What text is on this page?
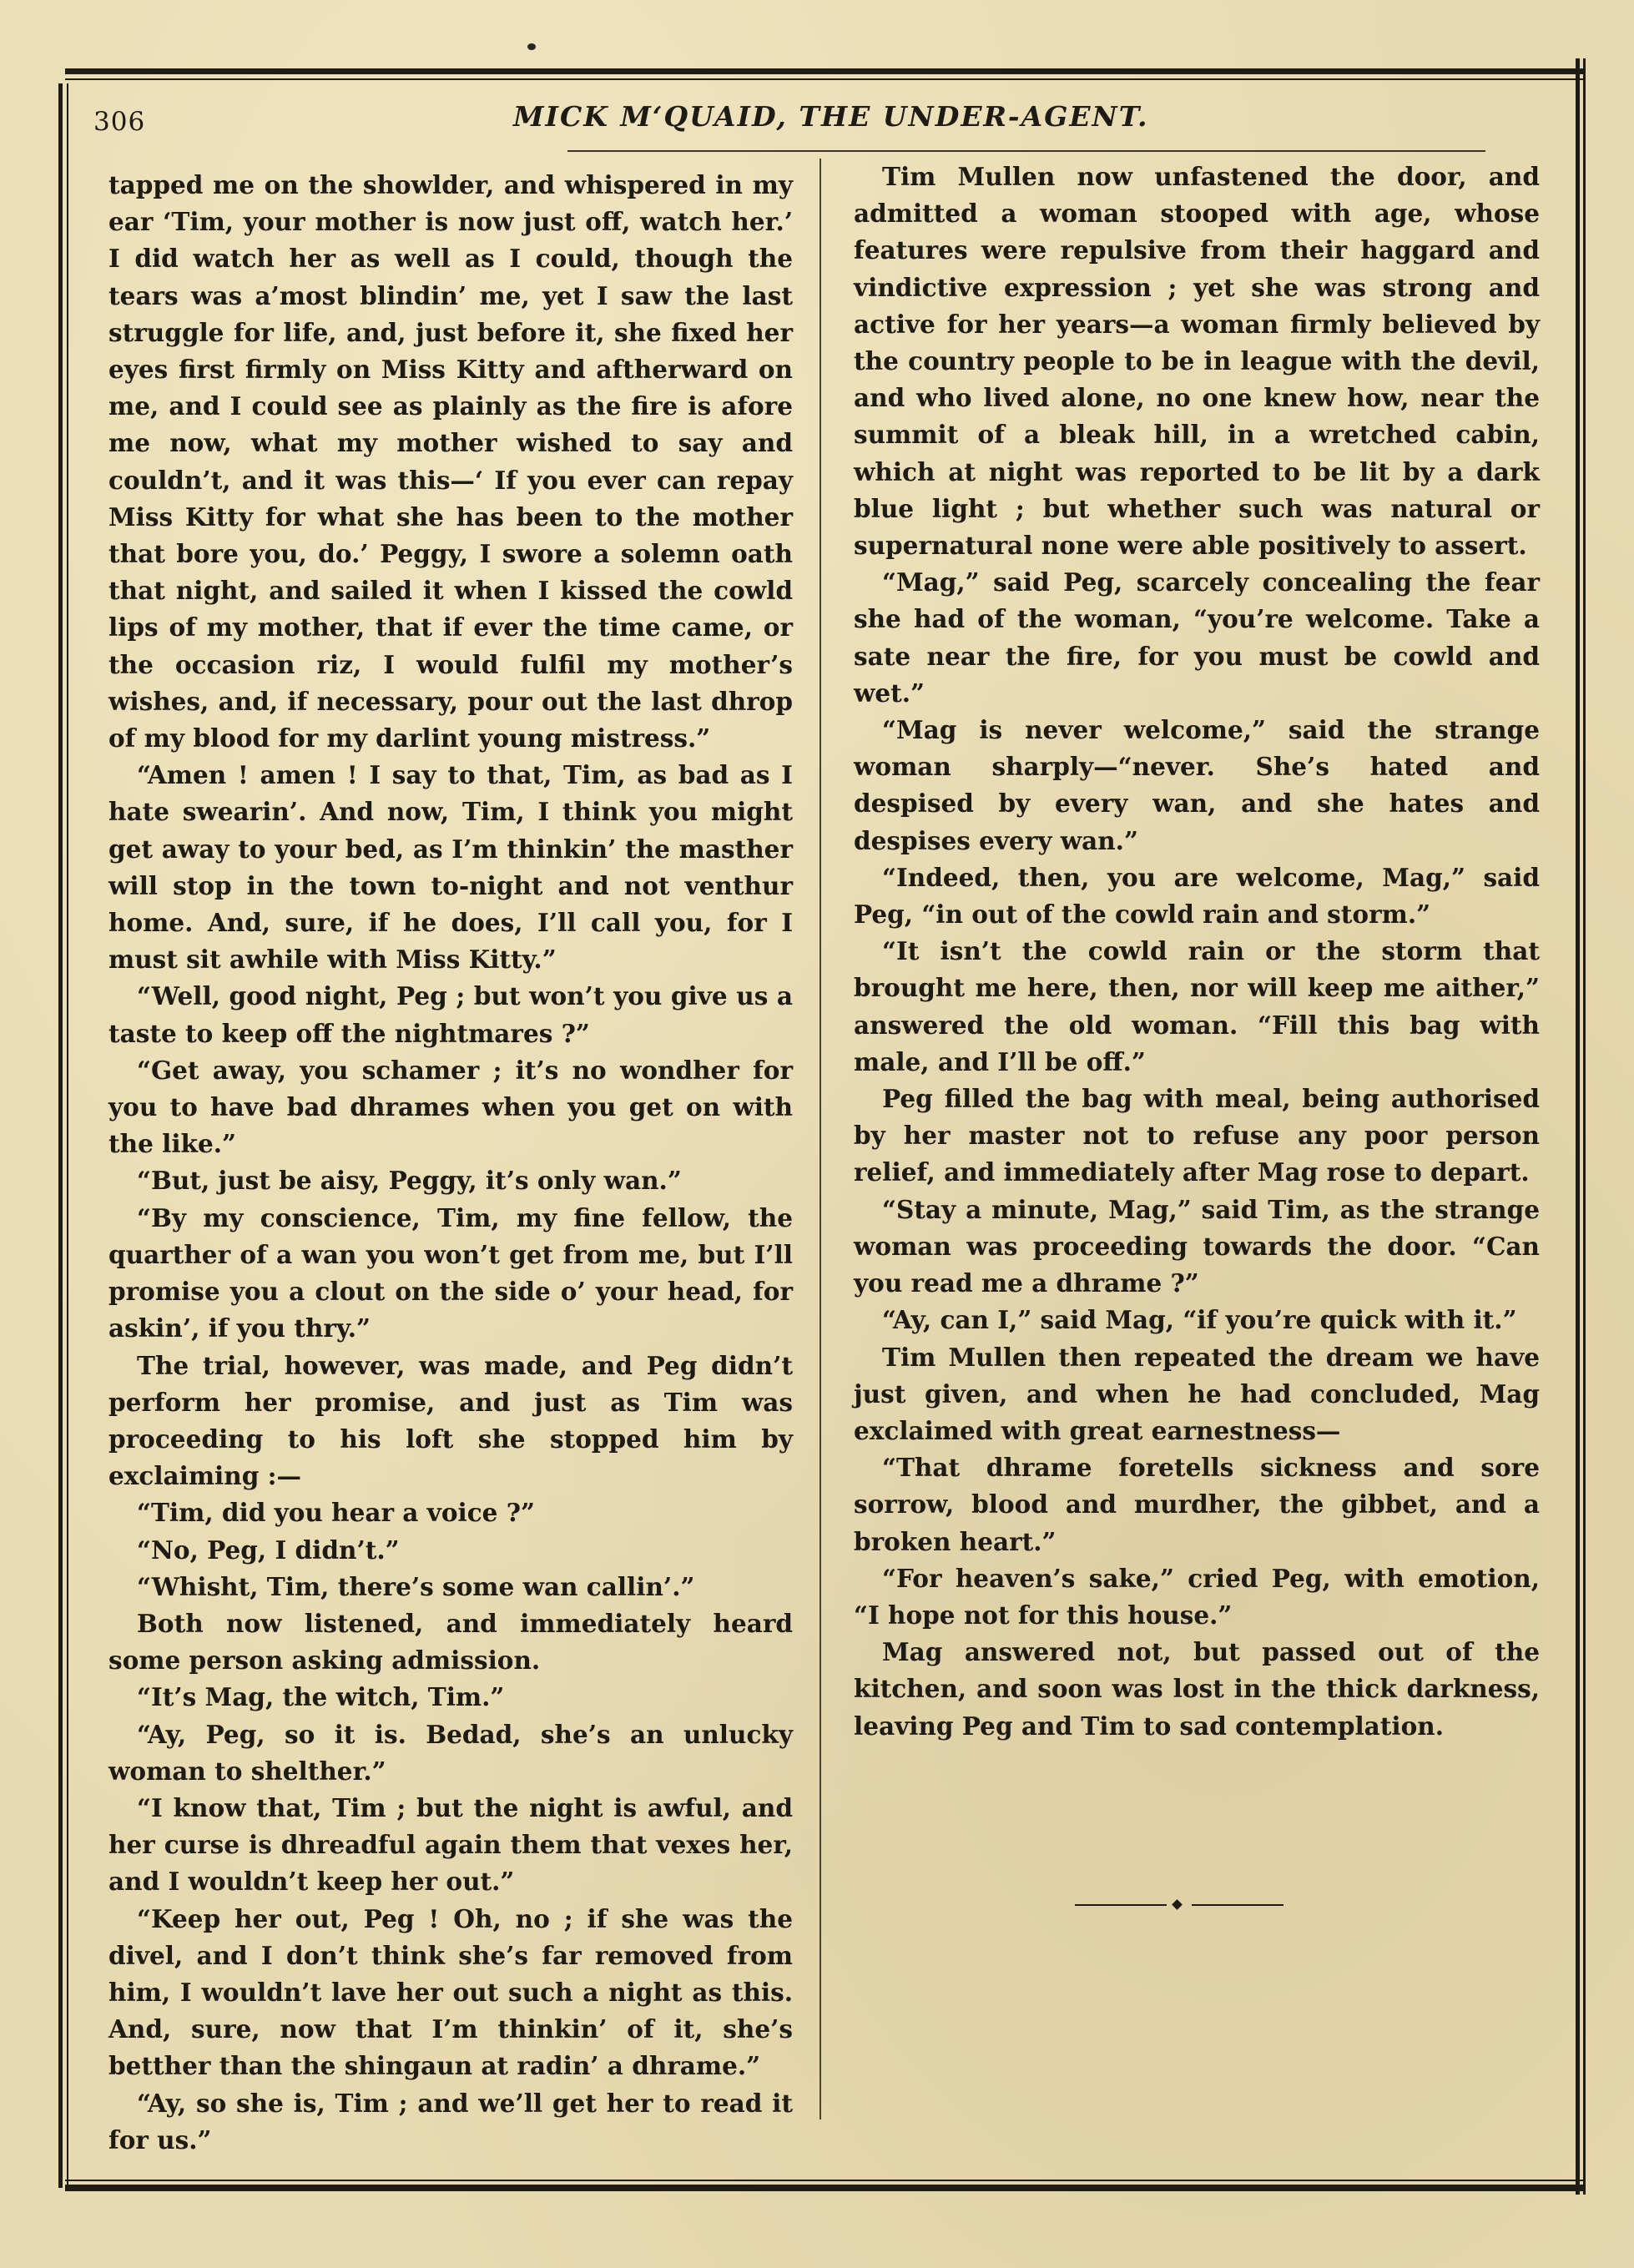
306	MICK M‘QUAID, THE UNDER-AGENT.

tapped me on the showlder, and whispered in my ear ‘Tim, your mother is now just off, watch her.’ I did watch her as well as I could, though the tears was a’most blindin’ me, yet I saw the last struggle for life, and, just before it, she fixed her eyes first firmly on Miss Kitty and aftherward on me, and I could see as plainly as the fire is afore me now, what my mother wished to say and couldn’t, and it was this—‘ If you ever can repay Miss Kitty for what she has been to the mother that bore you, do.’ Peggy, I swore a solemn oath that night, and sailed it when I kissed the cowld lips of my mother, that if ever the time came, or the occasion riz, I would fulfil my mother’s wishes, and, if necessary, pour out the last dhrop of my blood for my darlint young mistress.”

“Amen ! amen ! I say to that, Tim, as bad as I hate swearin’. And now, Tim, I think you might get away to your bed, as I’m thinkin’ the masther will stop in the town to-night and not venthur home. And, sure, if he does, I’ll call you, for I must sit awhile with Miss Kitty.”

“Well, good night, Peg ; but won’t you give us a taste to keep off the nightmares ?”

“Get away, you schamer ; it’s no wondher for you to have bad dhrames when you get on with the like.”

“But, just be aisy, Peggy, it’s only wan.”

“By my conscience, Tim, my fine fellow, the quarther of a wan you won’t get from me, but I’ll promise you a clout on the side o’ your head, for askin’, if you thry.”

The trial, however, was made, and Peg didn’t perform her promise, and just as Tim was proceeding to his loft she stopped him by exclaiming :—

“Tim, did you hear a voice ?”

“No, Peg, I didn’t.”

“Whisht, Tim, there’s some wan callin’.”

Both now listened, and immediately heard some person asking admission.

“It’s Mag, the witch, Tim.”

“Ay, Peg, so it is. Bedad, she’s an unlucky woman to shelther.”

“I know that, Tim ; but the night is awful, and her curse is dhreadful again them that vexes her, and I wouldn’t keep her out.”

“Keep her out, Peg ! Oh, no ; if she was the divel, and I don’t think she’s far removed from him, I wouldn’t lave her out such a night as this. And, sure, now that I’m thinkin’ of it, she’s betther than the shingaun at radin’ a dhrame.”

“Ay, so she is, Tim ; and we’ll get her to read it for us.”

Tim Mullen now unfastened the door, and admitted a woman stooped with age, whose features were repulsive from their haggard and vindictive expression ; yet she was strong and active for her years—a woman firmly believed by the country people to be in league with the devil, and who lived alone, no one knew how, near the summit of a bleak hill, in a wretched cabin, which at night was reported to be lit by a dark blue light ; but whether such was natural or supernatural none were able positively to assert.

“Mag,” said Peg, scarcely concealing the fear she had of the woman, “you’re welcome. Take a sate near the fire, for you must be cowld and wet.”

“Mag is never welcome,” said the strange woman sharply—“never. She’s hated and despised by every wan, and she hates and despises every wan.”

“Indeed, then, you are welcome, Mag,” said Peg, “in out of the cowld rain and storm.”

“It isn’t the cowld rain or the storm that brought me here, then, nor will keep me aither,” answered the old woman. “Fill this bag with male, and I’ll be off.”

Peg filled the bag with meal, being authorised by her master not to refuse any poor person relief, and immediately after Mag rose to depart.

“Stay a minute, Mag,” said Tim, as the strange woman was proceeding towards the door. “Can you read me a dhrame ?”

“Ay, can I,” said Mag, “if you’re quick with it.”

Tim Mullen then repeated the dream we have just given, and when he had concluded, Mag exclaimed with great earnestness—

“That dhrame foretells sickness and sore sorrow, blood and murdher, the gibbet, and a broken heart.”

“For heaven’s sake,” cried Peg, with emotion, “I hope not for this house.”

Mag answered not, but passed out of the kitchen, and soon was lost in the thick darkness, leaving Peg and Tim to sad contemplation.
